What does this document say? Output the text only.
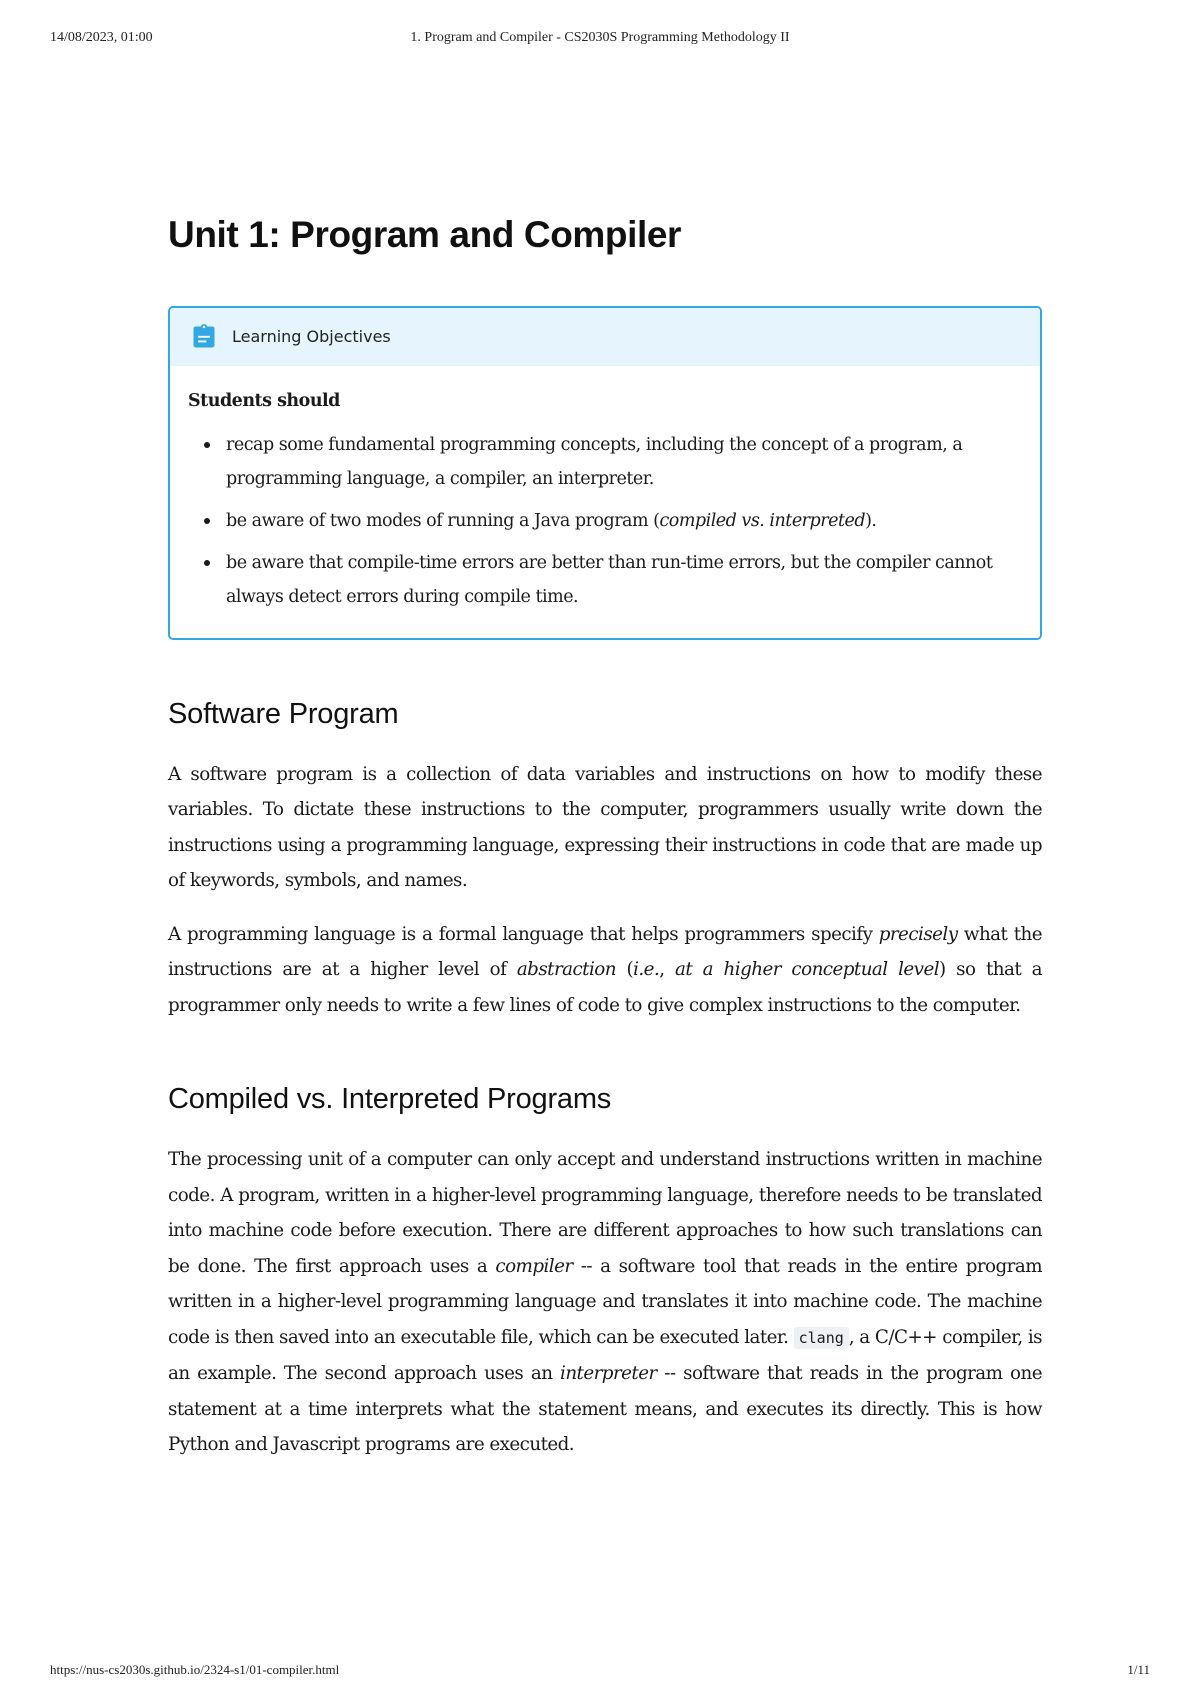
14/08/2023, 01:00	1. Program and Compiler - CS2030S Programming Methodology II
Unit 1: Program and Compiler
Learning Objectives

Students should

recap some fundamental programming concepts, including the concept of a program, a programming language, a compiler, an interpreter.
be aware of two modes of running a Java program (compiled vs. interpreted).
be aware that compile-time errors are better than run-time errors, but the compiler cannot always detect errors during compile time.
Software Program

A software program is a collection of data variables and instructions on how to modify these variables. To dictate these instructions to the computer, programmers usually write down the instructions using a programming language, expressing their instructions in code that are made up of keywords, symbols, and names.

A programming language is a formal language that helps programmers specify precisely what the instructions are at a higher level of abstraction (i.e., at a higher conceptual level) so that a programmer only needs to write a few lines of code to give complex instructions to the computer.

Compiled vs. Interpreted Programs

The processing unit of a computer can only accept and understand instructions written in machine code. A program, written in a higher-level programming language, therefore needs to be translated into machine code before execution. There are different approaches to how such translations can be done. The first approach uses a compiler -- a software tool that reads in the entire program written in a higher-level programming language and translates it into machine code. The machine code is then saved into an executable file, which can be executed later. clang , a C/C++ compiler, is an example. The second approach uses an interpreter -- software that reads in the program one statement at a time interprets what the statement means, and executes its directly. This is how Python and Javascript programs are executed.

https://nus-cs2030s.github.io/2324-s1/01-compiler.html	1/11
